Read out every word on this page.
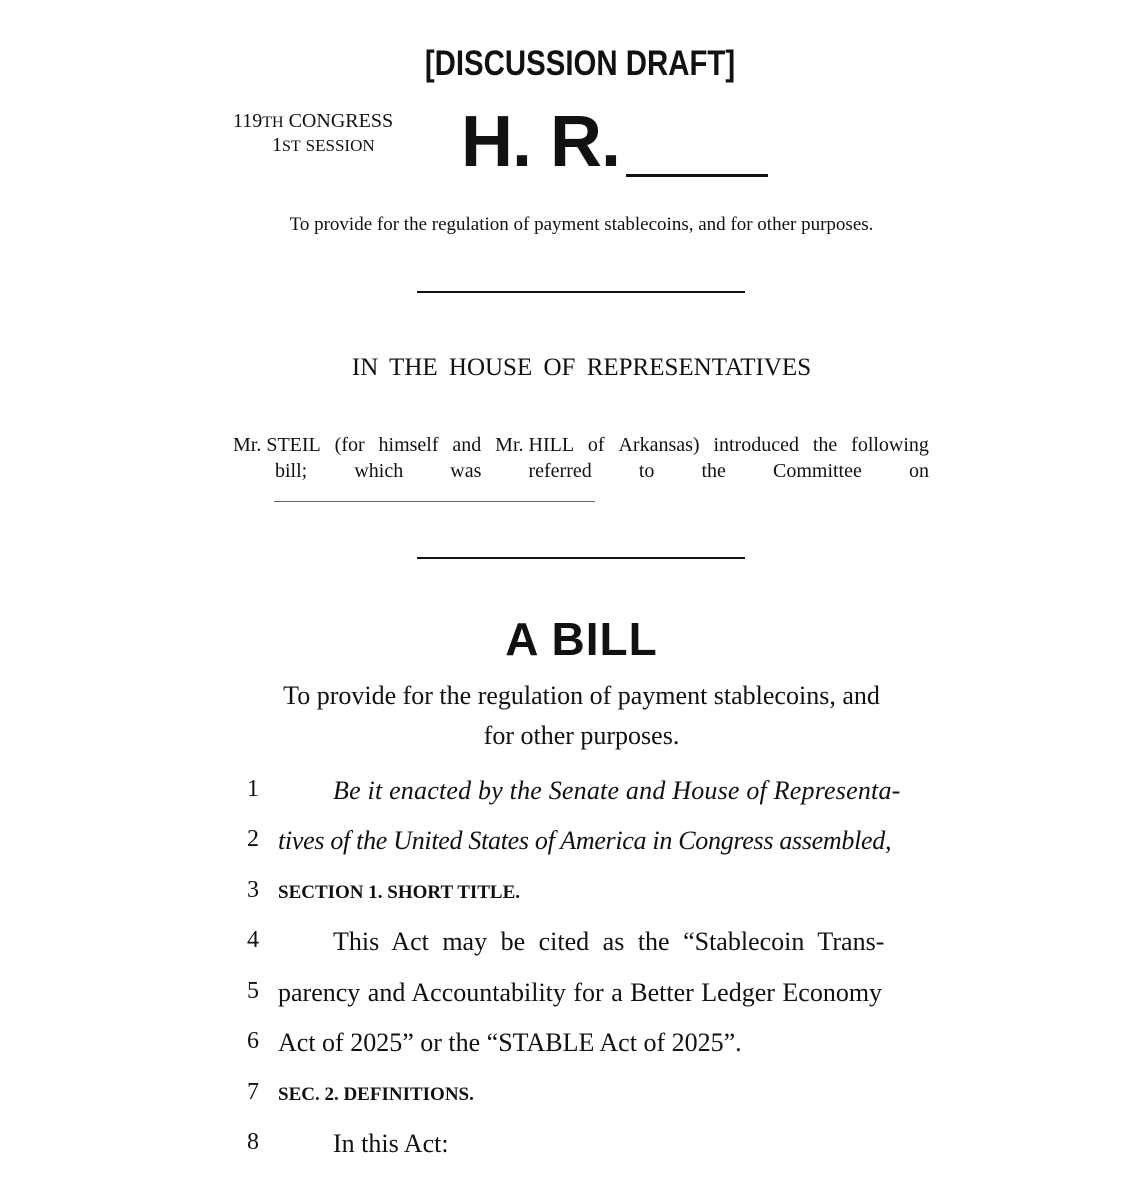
[DISCUSSION DRAFT]
119TH CONGRESS
1ST SESSION H. R.
To provide for the regulation of payment stablecoins, and for other purposes.
IN THE HOUSE OF REPRESENTATIVES
Mr. STEIL (for himself and Mr. HILL of Arkansas) introduced the following
bill; which was referred to the Committee on
A BILL
To provide for the regulation of payment stablecoins, and
for other purposes.
1	Be it enacted by the Senate and House of Representa-
2 tives of the United States of America in Congress assembled,
3	SECTION 1. SHORT TITLE.
4	This Act may be cited as the “Stablecoin Trans-
5 parency and Accountability for a Better Ledger Economy
6 Act of 2025” or the “STABLE Act of 2025”.
7	SEC. 2. DEFINITIONS.
8	In this Act:
